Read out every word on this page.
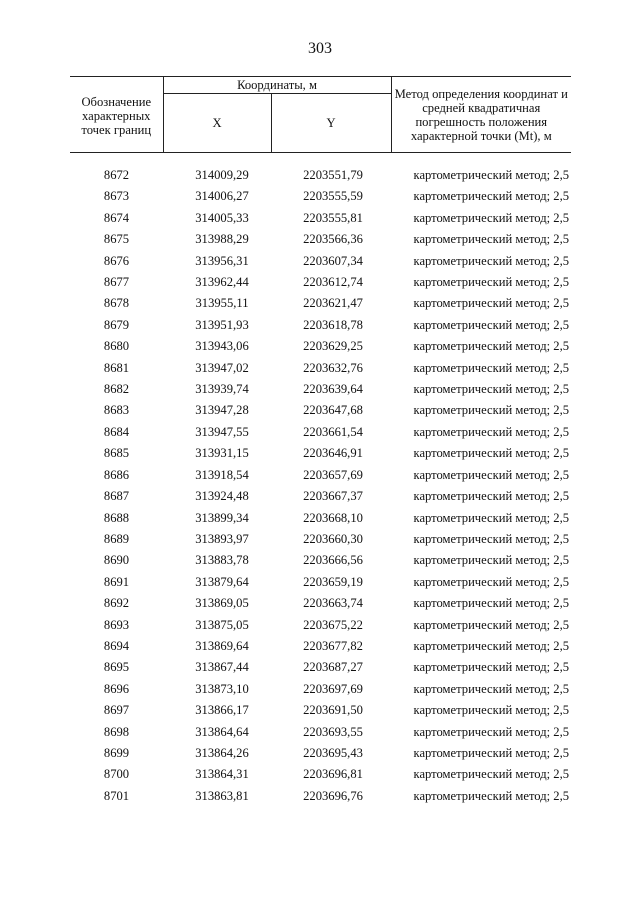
303
Обозначение характерных точек границ	Координаты, м		Метод определения координат и средней квадратичная погрешность положения характерной точки (Мt), м
	X	Y	

8672	314009,29	2203551,79	картометрический метод; 2,5
8673	314006,27	2203555,59	картометрический метод; 2,5
8674	314005,33	2203555,81	картометрический метод; 2,5
8675	313988,29	2203566,36	картометрический метод; 2,5
8676	313956,31	2203607,34	картометрический метод; 2,5
8677	313962,44	2203612,74	картометрический метод; 2,5
8678	313955,11	2203621,47	картометрический метод; 2,5
8679	313951,93	2203618,78	картометрический метод; 2,5
8680	313943,06	2203629,25	картометрический метод; 2,5
8681	313947,02	2203632,76	картометрический метод; 2,5
8682	313939,74	2203639,64	картометрический метод; 2,5
8683	313947,28	2203647,68	картометрический метод; 2,5
8684	313947,55	2203661,54	картометрический метод; 2,5
8685	313931,15	2203646,91	картометрический метод; 2,5
8686	313918,54	2203657,69	картометрический метод; 2,5
8687	313924,48	2203667,37	картометрический метод; 2,5
8688	313899,34	2203668,10	картометрический метод; 2,5
8689	313893,97	2203660,30	картометрический метод; 2,5
8690	313883,78	2203666,56	картометрический метод; 2,5
8691	313879,64	2203659,19	картометрический метод; 2,5
8692	313869,05	2203663,74	картометрический метод; 2,5
8693	313875,05	2203675,22	картометрический метод; 2,5
8694	313869,64	2203677,82	картометрический метод; 2,5
8695	313867,44	2203687,27	картометрический метод; 2,5
8696	313873,10	2203697,69	картометрический метод; 2,5
8697	313866,17	2203691,50	картометрический метод; 2,5
8698	313864,64	2203693,55	картометрический метод; 2,5
8699	313864,26	2203695,43	картометрический метод; 2,5
8700	313864,31	2203696,81	картометрический метод; 2,5
8701	313863,81	2203696,76	картометрический метод; 2,5
